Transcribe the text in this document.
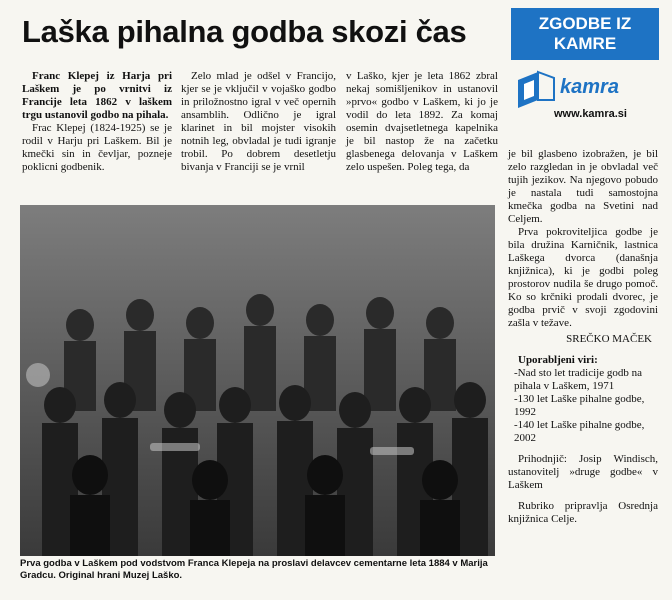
Laška pihalna godba skozi čas	ZGODBE IZ
KAMRE
kamra
www.kamra.si

Franc Klepej iz Harja pri Laškem je po vrnitvi iz Francije leta 1862 v laškem trgu ustanovil godbo na pihala.

Frac Klepej (1824-1925) se je rodil v Harju pri Laškem. Bil je kmečki sin in čevljar, pozneje poklicni godbenik.

Zelo mlad je odšel v Francijo, kjer se je vključil v vojaško godbo in priložnostno igral v več opernih ansamblih. Odlično je igral klarinet in bil mojster visokih notnih leg, obvladal je tudi igranje trobil. Po dobrem desetletju bivanja v Franciji se je vrnil

v Laško, kjer je leta 1862 zbral nekaj somišljenikov in ustanovil »prvo« godbo v Laškem, ki jo je vodil do leta 1892. Za komaj osemin dvajsetletnega kapelnika je bil nastop že na začetku glasbenega delovanja v Laškem zelo uspešen. Poleg tega, da

Prva godba v Laškem pod vodstvom Franca Klepeja na proslavi delavcev cementarne leta 1884 v Marija Gradcu. Original hrani Muzej Laško.

je bil glasbeno izobražen, je bil zelo razgledan in je obvladal več tujih jezikov. Na njegovo pobudo je nastala tudi samostojna kmečka godba na Svetini nad Celjem.

Prva pokroviteljica godbe je bila družina Karničnik, lastnica Laškega dvorca (današnja knjižnica), ki je godbi poleg prostorov nudila še drugo pomoč. Ko so krčniki prodali dvorec, je godba prvič v svoji zgodovini zašla v težave.

SREČKO MAČEK

Uporabljeni viri:

-Nad sto let tradicije godb na pihala v Laškem, 1971

-130 let Laške pihalne godbe, 1992

-140 let Laške pihalne godbe, 2002

Prihodnjič: Josip Windisch, ustanovitelj »druge godbe« v Laškem

Rubriko pripravlja Osrednja knjižnica Celje.
